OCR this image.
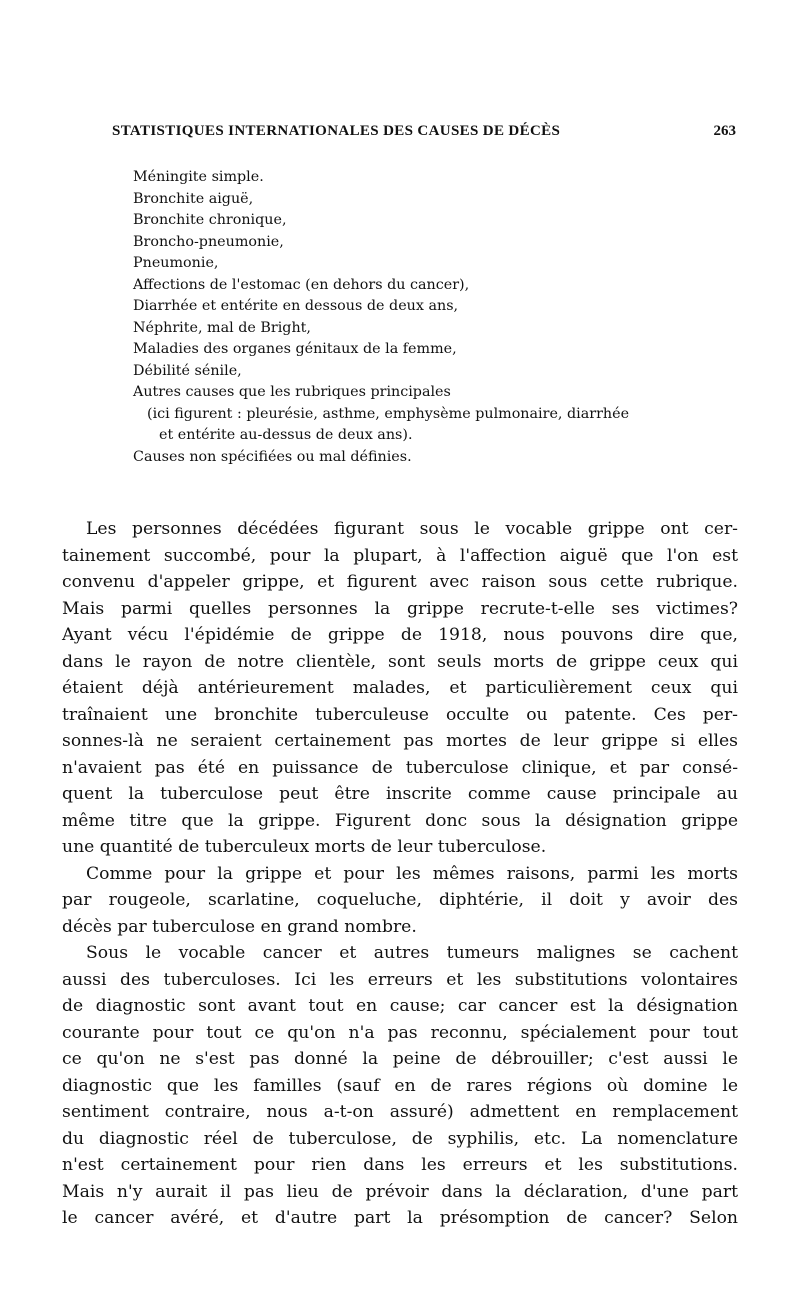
STATISTIQUES INTERNATIONALES DES CAUSES DE DÉCÈS	263
Méningite simple.
Bronchite aiguë,
Bronchite chronique,
Broncho-pneumonie,
Pneumonie,
Affections de l'estomac (en dehors du cancer),
Diarrhée et entérite en dessous de deux ans,
Néphrite, mal de Bright,
Maladies des organes génitaux de la femme,
Débilité sénile,
Autres causes que les rubriques principales
(ici figurent : pleurésie, asthme, emphysème pulmonaire, diarrhée
et entérite au-dessus de deux ans).
Causes non spécifiées ou mal définies.
Les personnes décédées figurant sous le vocable grippe ont cer-
tainement succombé, pour la plupart, à l'affection aiguë que l'on est
convenu d'appeler grippe, et figurent avec raison sous cette rubrique.
Mais parmi quelles personnes la grippe recrute-t-elle ses victimes?
Ayant vécu l'épidémie de grippe de 1918, nous pouvons dire que,
dans le rayon de notre clientèle, sont seuls morts de grippe ceux qui
étaient déjà antérieurement malades, et particulièrement ceux qui
traînaient une bronchite tuberculeuse occulte ou patente. Ces per-
sonnes-là ne seraient certainement pas mortes de leur grippe si elles
n'avaient pas été en puissance de tuberculose clinique, et par consé-
quent la tuberculose peut être inscrite comme cause principale au
même titre que la grippe. Figurent donc sous la désignation grippe
une quantité de tuberculeux morts de leur tuberculose.
Comme pour la grippe et pour les mêmes raisons, parmi les morts
par rougeole, scarlatine, coqueluche, diphtérie, il doit y avoir des
décès par tuberculose en grand nombre.
Sous le vocable cancer et autres tumeurs malignes se cachent
aussi des tuberculoses. Ici les erreurs et les substitutions volontaires
de diagnostic sont avant tout en cause; car cancer est la désignation
courante pour tout ce qu'on n'a pas reconnu, spécialement pour tout
ce qu'on ne s'est pas donné la peine de débrouiller; c'est aussi le
diagnostic que les familles (sauf en de rares régions où domine le
sentiment contraire, nous a-t-on assuré) admettent en remplacement
du diagnostic réel de tuberculose, de syphilis, etc. La nomenclature
n'est certainement pour rien dans les erreurs et les substitutions.
Mais n'y aurait il pas lieu de prévoir dans la déclaration, d'une part
le cancer avéré, et d'autre part la présomption de cancer? Selon
